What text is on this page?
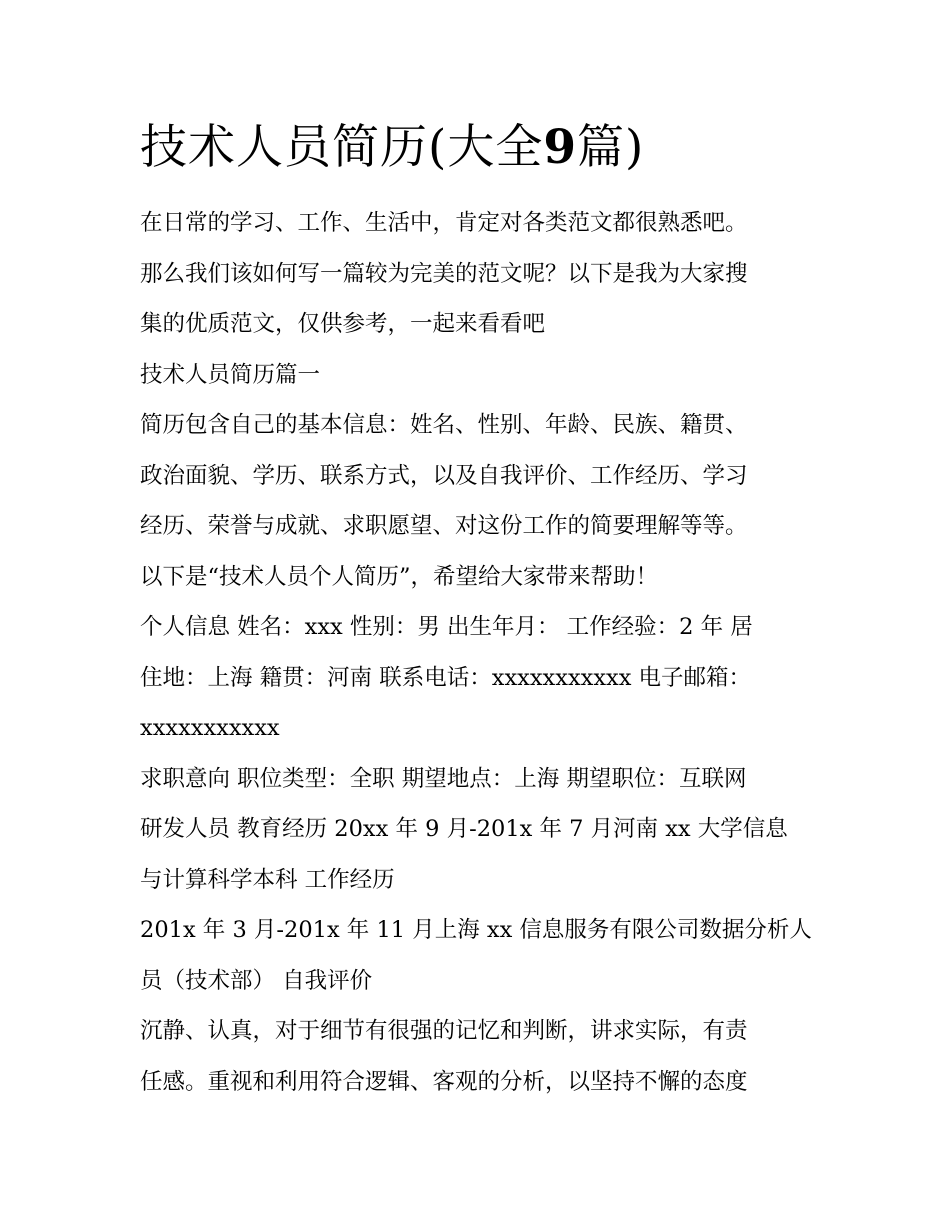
技术人员简历(大全9篇)

在日常的学习、工作、生活中，肯定对各类范文都很熟悉吧。
那么我们该如何写一篇较为完美的范文呢？以下是我为大家搜
集的优质范文，仅供参考，一起来看看吧

技术人员简历篇一

简历包含自己的基本信息：姓名、性别、年龄、民族、籍贯、
政治面貌、学历、联系方式，以及自我评价、工作经历、学习
经历、荣誉与成就、求职愿望、对这份工作的简要理解等等。
以下是“技术人员个人简历”，希望给大家带来帮助！

个人信息 姓名：xxx 性别：男 出生年月： 工作经验：2 年 居
住地：上海 籍贯：河南 联系电话：xxxxxxxxxxx 电子邮箱：
xxxxxxxxxxx

求职意向 职位类型：全职 期望地点：上海 期望职位：互联网
研发人员 教育经历 20xx 年 9 月-201x 年 7 月河南 xx 大学信息
与计算科学本科 工作经历

201x 年 3 月-201x 年 11 月上海 xx 信息服务有限公司数据分析人
员（技术部） 自我评价

沉静、认真，对于细节有很强的记忆和判断，讲求实际，有责
任感。重视和利用符合逻辑、客观的分析，以坚持不懈的态度
